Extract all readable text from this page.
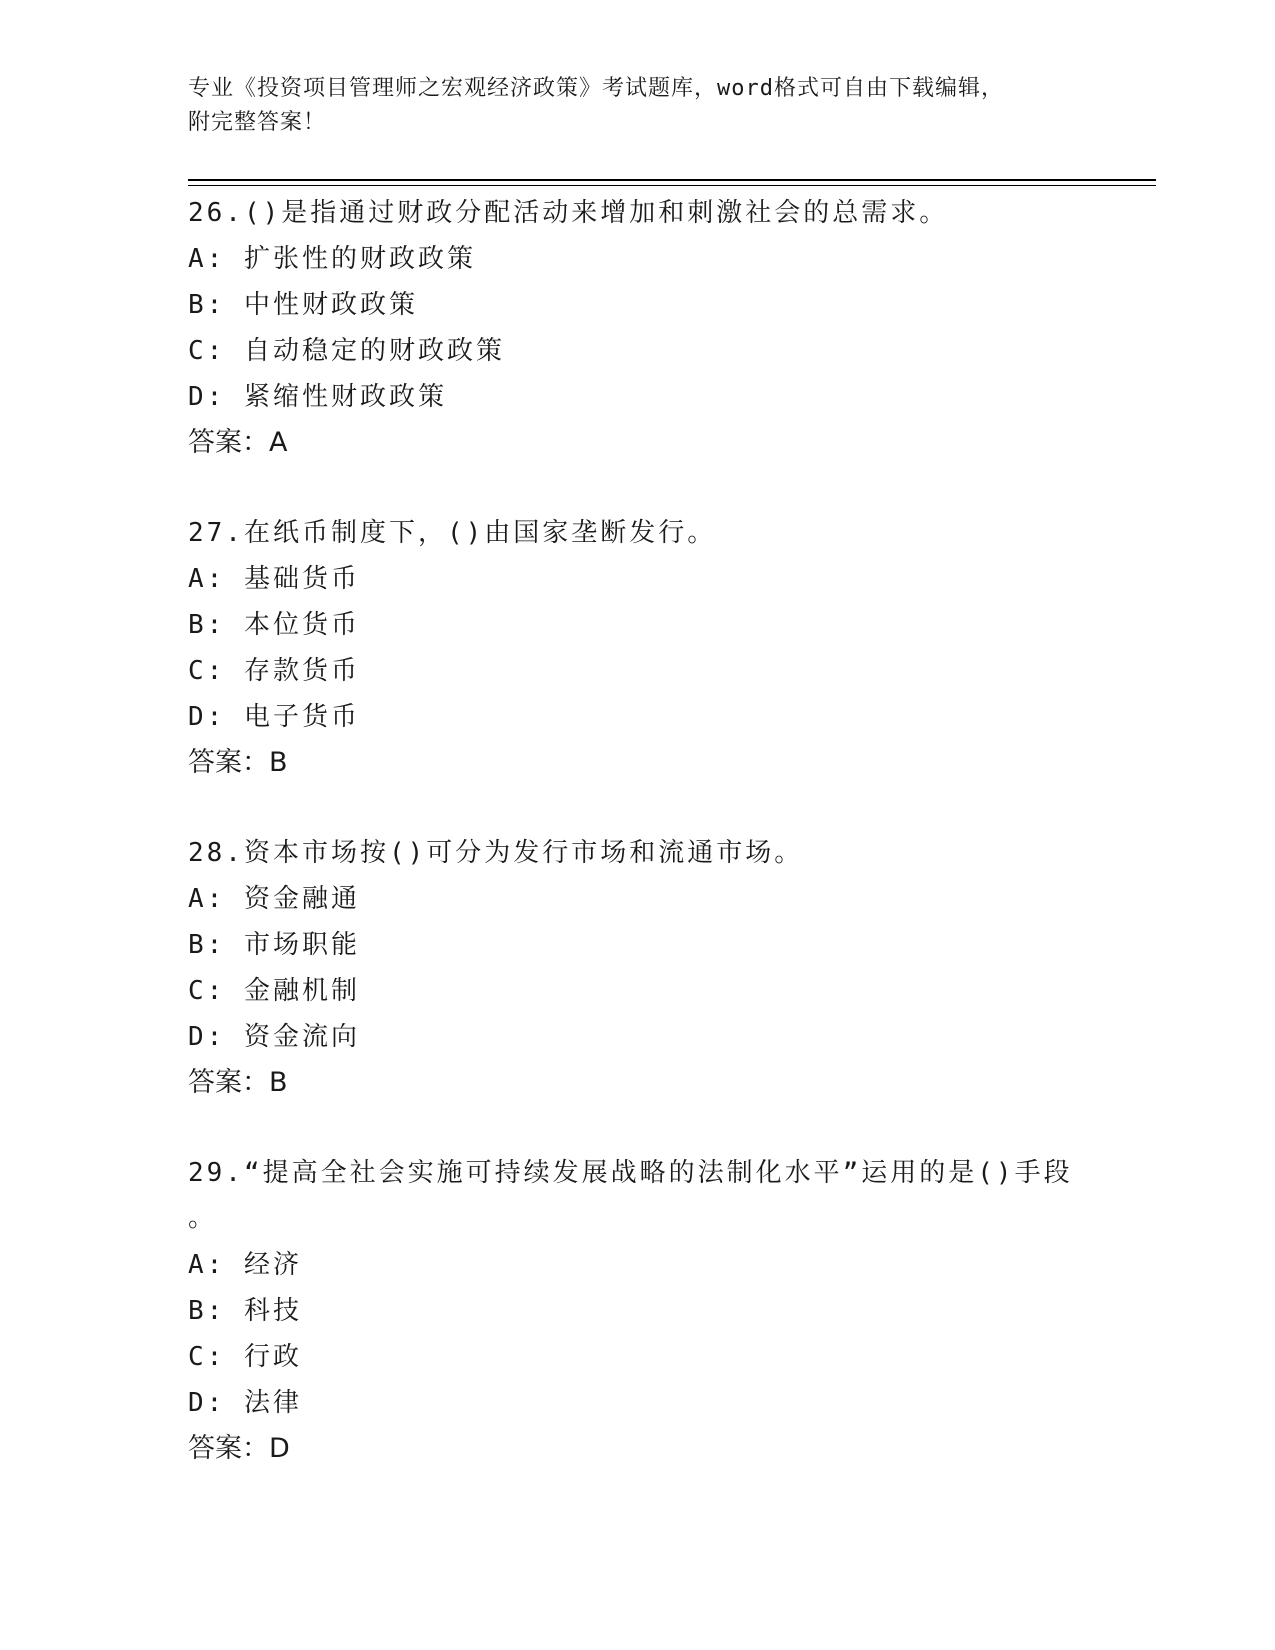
专业《投资项目管理师之宏观经济政策》考试题库，word格式可自由下载编辑，
附完整答案！
26.()是指通过财政分配活动来增加和刺激社会的总需求。
A: 扩张性的财政政策
B: 中性财政政策
C: 自动稳定的财政政策
D: 紧缩性财政政策
答案：A
27.在纸币制度下，()由国家垄断发行。
A: 基础货币
B: 本位货币
C: 存款货币
D: 电子货币
答案：B
28.资本市场按()可分为发行市场和流通市场。
A: 资金融通
B: 市场职能
C: 金融机制
D: 资金流向
答案：B
29.“提高全社会实施可持续发展战略的法制化水平”运用的是()手段
。
A: 经济
B: 科技
C: 行政
D: 法律
答案：D
